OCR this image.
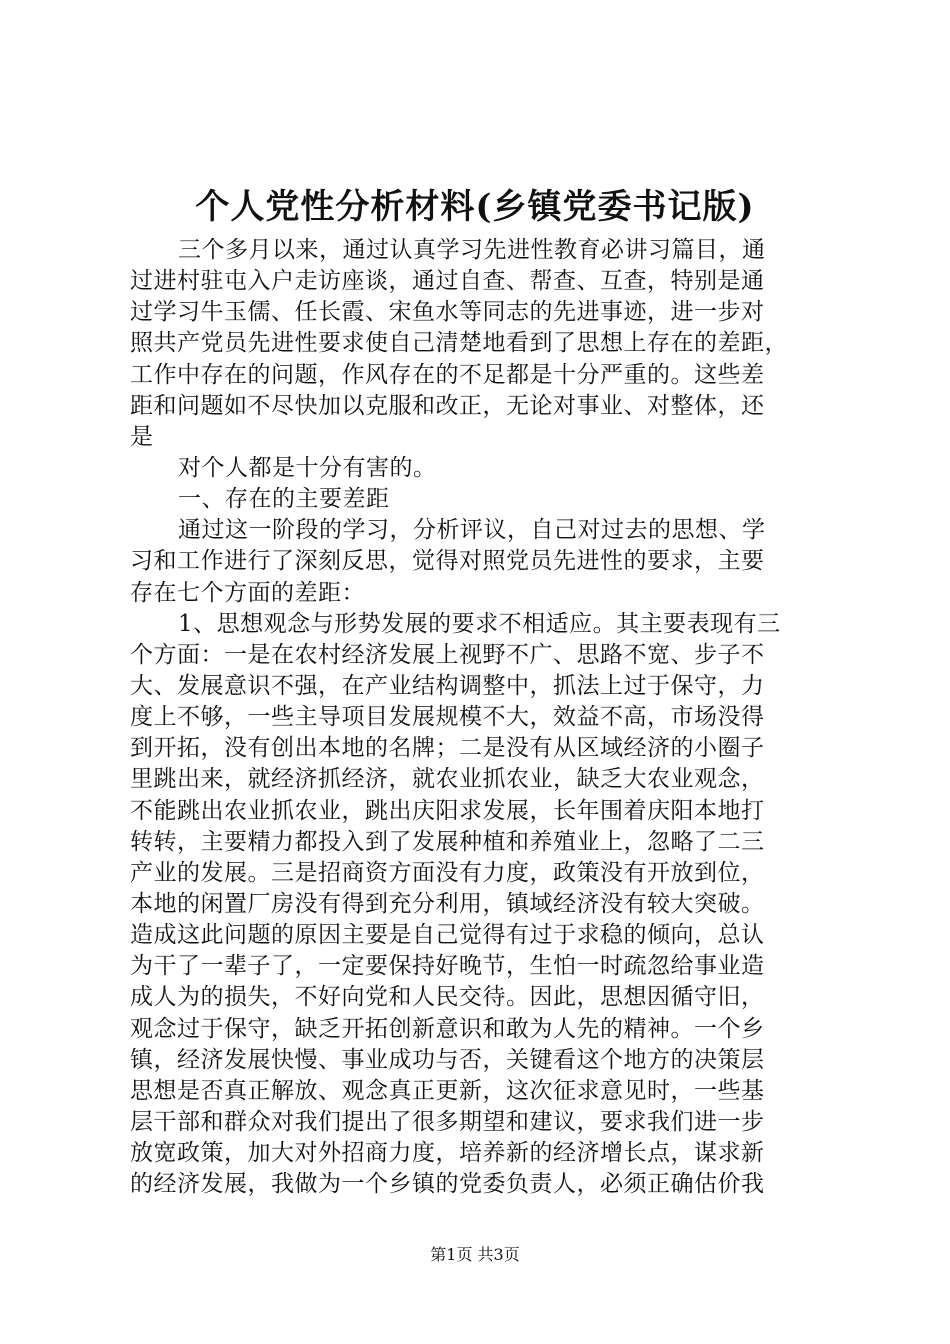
个人党性分析材料(乡镇党委书记版)
三个多月以来，通过认真学习先进性教育必讲习篇目，通
过进村驻屯入户走访座谈，通过自查、帮查、互查，特别是通
过学习牛玉儒、任长霞、宋鱼水等同志的先进事迹，进一步对
照共产党员先进性要求使自己清楚地看到了思想上存在的差距，
工作中存在的问题，作风存在的不足都是十分严重的。这些差
距和问题如不尽快加以克服和改正，无论对事业、对整体，还
是
对个人都是十分有害的。
一、存在的主要差距
通过这一阶段的学习，分析评议，自己对过去的思想、学
习和工作进行了深刻反思，觉得对照党员先进性的要求，主要
存在七个方面的差距：
1、思想观念与形势发展的要求不相适应。其主要表现有三
个方面：一是在农村经济发展上视野不广、思路不宽、步子不
大、发展意识不强，在产业结构调整中，抓法上过于保守，力
度上不够，一些主导项目发展规模不大，效益不高，市场没得
到开拓，没有创出本地的名牌；二是没有从区域经济的小圈子
里跳出来，就经济抓经济，就农业抓农业，缺乏大农业观念，
不能跳出农业抓农业，跳出庆阳求发展，长年围着庆阳本地打
转转，主要精力都投入到了发展种植和养殖业上，忽略了二三
产业的发展。三是招商资方面没有力度，政策没有开放到位，
本地的闲置厂房没有得到充分利用，镇域经济没有较大突破。
造成这此问题的原因主要是自己觉得有过于求稳的倾向，总认
为干了一辈子了，一定要保持好晚节，生怕一时疏忽给事业造
成人为的损失，不好向党和人民交待。因此，思想因循守旧，
观念过于保守，缺乏开拓创新意识和敢为人先的精神。一个乡
镇，经济发展快慢、事业成功与否，关键看这个地方的决策层
思想是否真正解放、观念真正更新，这次征求意见时，一些基
层干部和群众对我们提出了很多期望和建议，要求我们进一步
放宽政策，加大对外招商力度，培养新的经济增长点，谋求新
的经济发展，我做为一个乡镇的党委负责人，必须正确估价我
第1页 共3页
